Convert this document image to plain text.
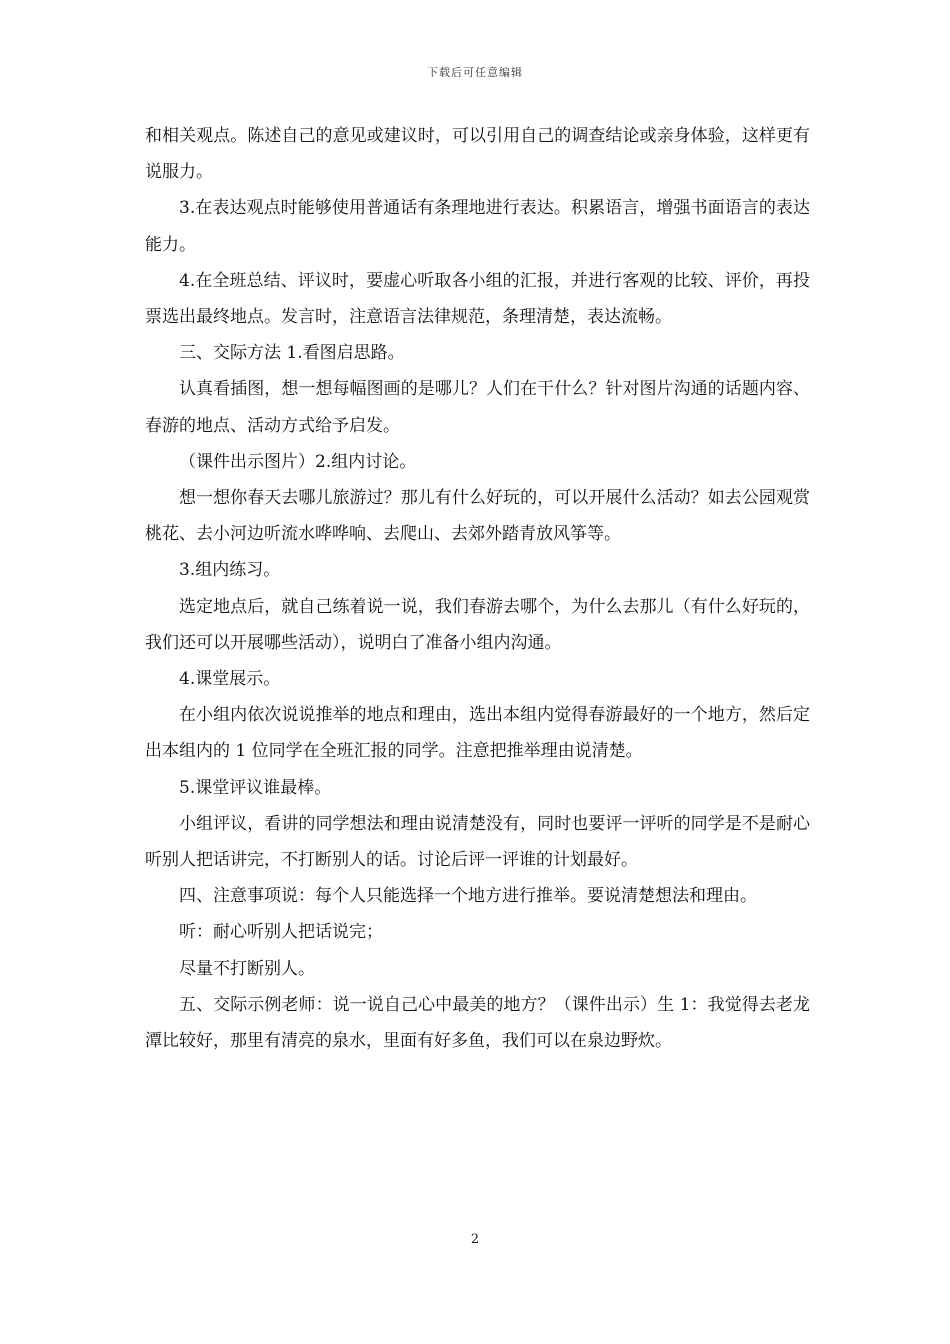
下载后可任意编辑

和相关观点。陈述自己的意见或建议时，可以引用自己的调查结论或亲身体验，这样更有说服力。

3.在表达观点时能够使用普通话有条理地进行表达。积累语言，增强书面语言的表达能力。

4.在全班总结、评议时，要虚心听取各小组的汇报，并进行客观的比较、评价，再投票选出最终地点。发言时，注意语言法律规范，条理清楚，表达流畅。

三、交际方法 1.看图启思路。

认真看插图，想一想每幅图画的是哪儿？人们在干什么？针对图片沟通的话题内容、春游的地点、活动方式给予启发。

（课件出示图片）2.组内讨论。

想一想你春天去哪儿旅游过？那儿有什么好玩的，可以开展什么活动？如去公园观赏桃花、去小河边听流水哗哗响、去爬山、去郊外踏青放风筝等。

3.组内练习。

选定地点后，就自己练着说一说，我们春游去哪个，为什么去那儿（有什么好玩的，我们还可以开展哪些活动），说明白了准备小组内沟通。

4.课堂展示。

在小组内依次说说推举的地点和理由，选出本组内觉得春游最好的一个地方，然后定出本组内的 1 位同学在全班汇报的同学。注意把推举理由说清楚。

5.课堂评议谁最棒。

小组评议，看讲的同学想法和理由说清楚没有，同时也要评一评听的同学是不是耐心听别人把话讲完，不打断别人的话。讨论后评一评谁的计划最好。

四、注意事项说：每个人只能选择一个地方进行推举。要说清楚想法和理由。

听：耐心听别人把话说完；

尽量不打断别人。

五、交际示例老师：说一说自己心中最美的地方？（课件出示）生 1：我觉得去老龙潭比较好，那里有清亮的泉水，里面有好多鱼，我们可以在泉边野炊。

2
